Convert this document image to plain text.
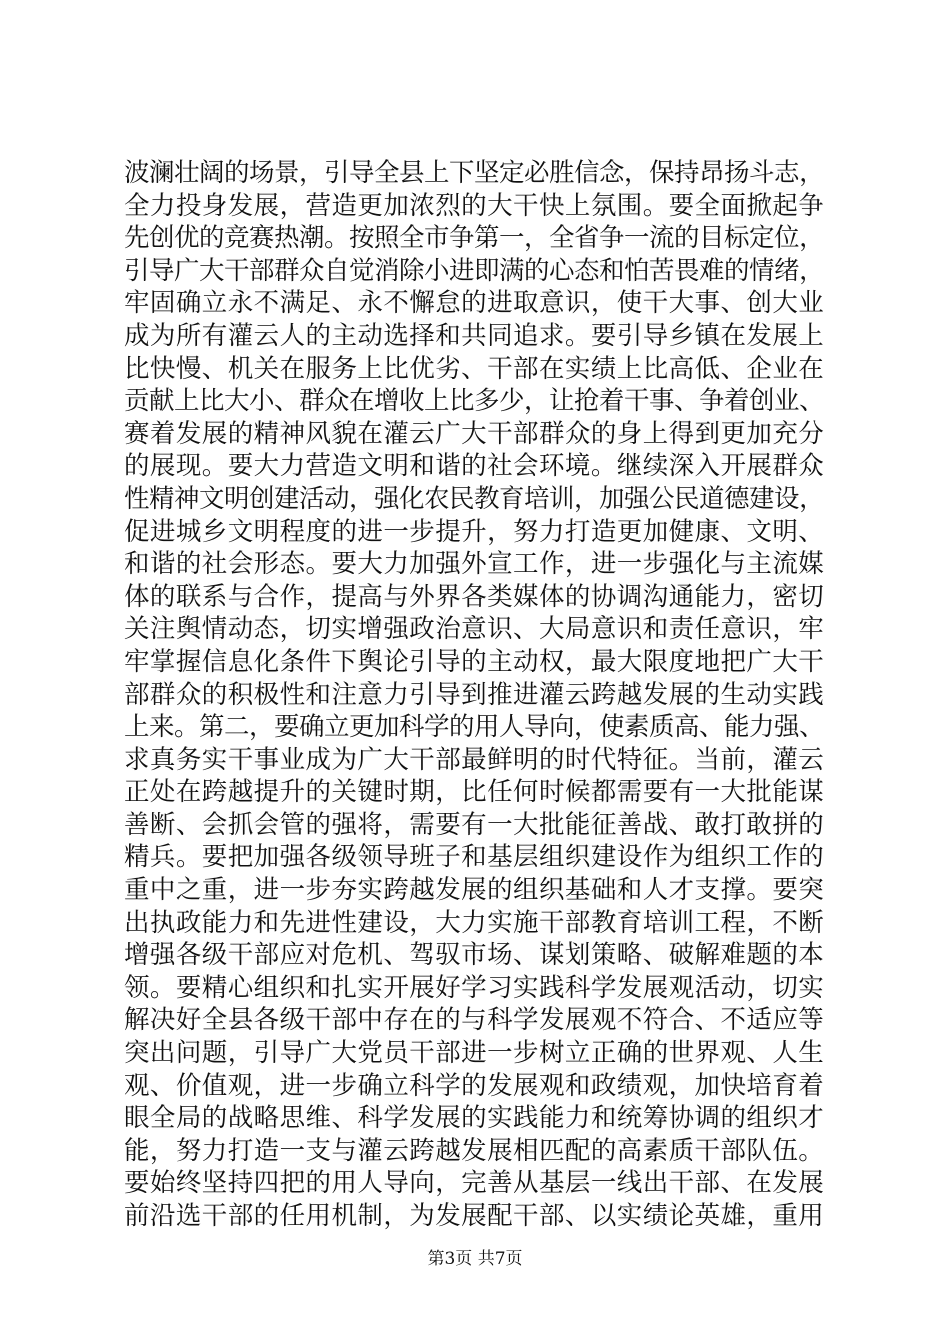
波澜壮阔的场景，引导全县上下坚定必胜信念，保持昂扬斗志，
全力投身发展，营造更加浓烈的大干快上氛围。要全面掀起争
先创优的竞赛热潮。按照全市争第一，全省争一流的目标定位，
引导广大干部群众自觉消除小进即满的心态和怕苦畏难的情绪，
牢固确立永不满足、永不懈怠的进取意识，使干大事、创大业
成为所有灌云人的主动选择和共同追求。要引导乡镇在发展上
比快慢、机关在服务上比优劣、干部在实绩上比高低、企业在
贡献上比大小、群众在增收上比多少，让抢着干事、争着创业、
赛着发展的精神风貌在灌云广大干部群众的身上得到更加充分
的展现。要大力营造文明和谐的社会环境。继续深入开展群众
性精神文明创建活动，强化农民教育培训，加强公民道德建设，
促进城乡文明程度的进一步提升，努力打造更加健康、文明、
和谐的社会形态。要大力加强外宣工作，进一步强化与主流媒
体的联系与合作，提高与外界各类媒体的协调沟通能力，密切
关注舆情动态，切实增强政治意识、大局意识和责任意识，牢
牢掌握信息化条件下舆论引导的主动权，最大限度地把广大干
部群众的积极性和注意力引导到推进灌云跨越发展的生动实践
上来。第二，要确立更加科学的用人导向，使素质高、能力强、
求真务实干事业成为广大干部最鲜明的时代特征。当前，灌云
正处在跨越提升的关键时期，比任何时候都需要有一大批能谋
善断、会抓会管的强将，需要有一大批能征善战、敢打敢拼的
精兵。要把加强各级领导班子和基层组织建设作为组织工作的
重中之重，进一步夯实跨越发展的组织基础和人才支撑。要突
出执政能力和先进性建设，大力实施干部教育培训工程，不断
增强各级干部应对危机、驾驭市场、谋划策略、破解难题的本
领。要精心组织和扎实开展好学习实践科学发展观活动，切实
解决好全县各级干部中存在的与科学发展观不符合、不适应等
突出问题，引导广大党员干部进一步树立正确的世界观、人生
观、价值观，进一步确立科学的发展观和政绩观，加快培育着
眼全局的战略思维、科学发展的实践能力和统筹协调的组织才
能，努力打造一支与灌云跨越发展相匹配的高素质干部队伍。
要始终坚持四把的用人导向，完善从基层一线出干部、在发展
前沿选干部的任用机制，为发展配干部、以实绩论英雄，重用
第3页 共7页
